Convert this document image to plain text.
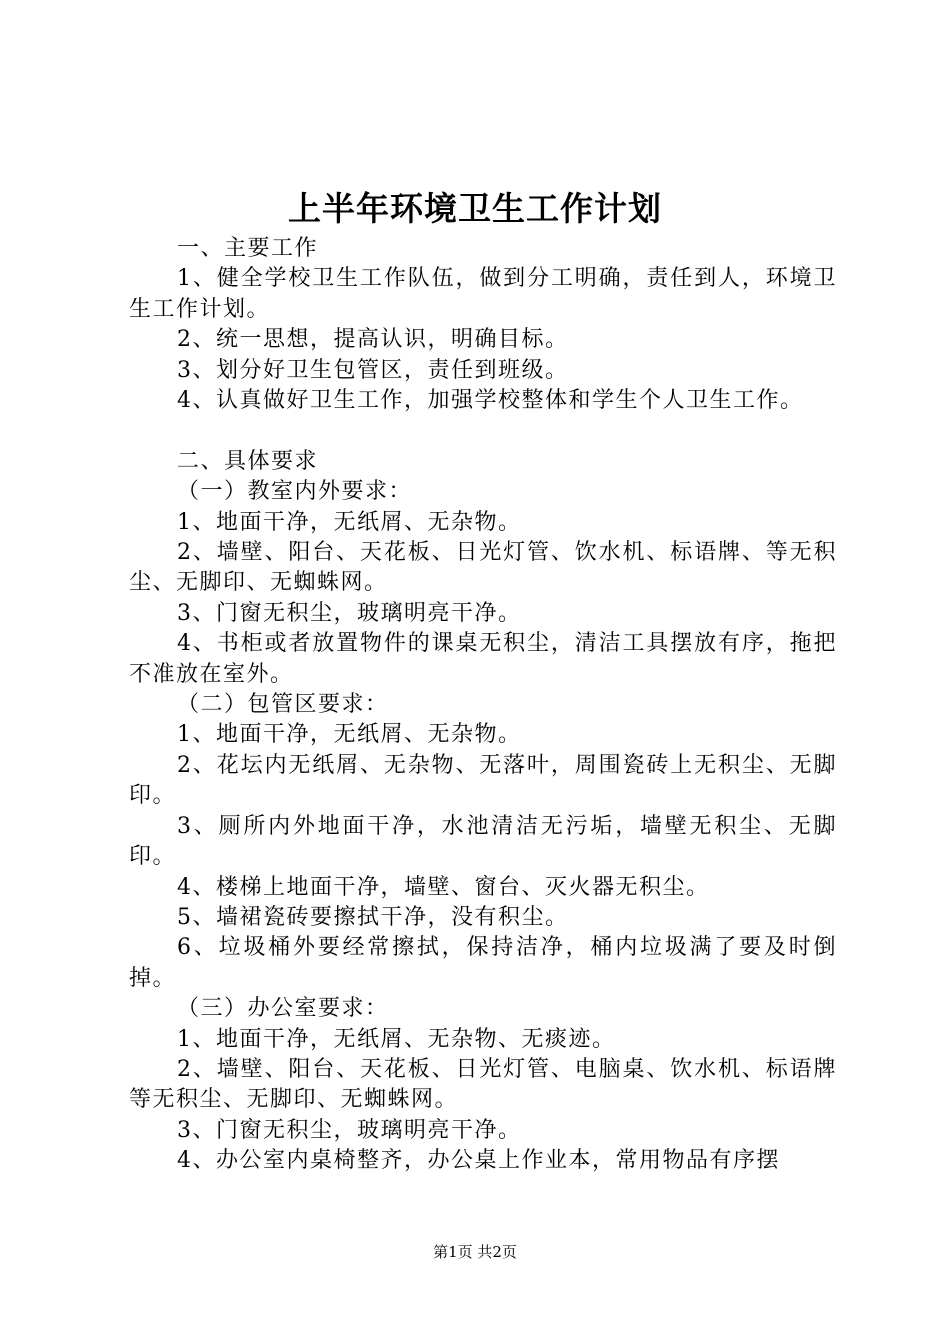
上半年环境卫生工作计划

一、主要工作

1、健全学校卫生工作队伍，做到分工明确，责任到人，环境卫生工作计划。

2、统一思想，提高认识，明确目标。

3、划分好卫生包管区，责任到班级。

4、认真做好卫生工作，加强学校整体和学生个人卫生工作。

二、具体要求

（一）教室内外要求：

1、地面干净，无纸屑、无杂物。

2、墙壁、阳台、天花板、日光灯管、饮水机、标语牌、等无积尘、无脚印、无蜘蛛网。

3、门窗无积尘，玻璃明亮干净。

4、书柜或者放置物件的课桌无积尘，清洁工具摆放有序，拖把不准放在室外。

（二）包管区要求：

1、地面干净，无纸屑、无杂物。

2、花坛内无纸屑、无杂物、无落叶，周围瓷砖上无积尘、无脚印。

3、厕所内外地面干净，水池清洁无污垢，墙壁无积尘、无脚印。

4、楼梯上地面干净，墙壁、窗台、灭火器无积尘。

5、墙裙瓷砖要擦拭干净，没有积尘。

6、垃圾桶外要经常擦拭，保持洁净，桶内垃圾满了要及时倒掉。

（三）办公室要求：

1、地面干净，无纸屑、无杂物、无痰迹。

2、墙壁、阳台、天花板、日光灯管、电脑桌、饮水机、标语牌等无积尘、无脚印、无蜘蛛网。

3、门窗无积尘，玻璃明亮干净。

4、办公室内桌椅整齐，办公桌上作业本，常用物品有序摆

第1页 共2页
